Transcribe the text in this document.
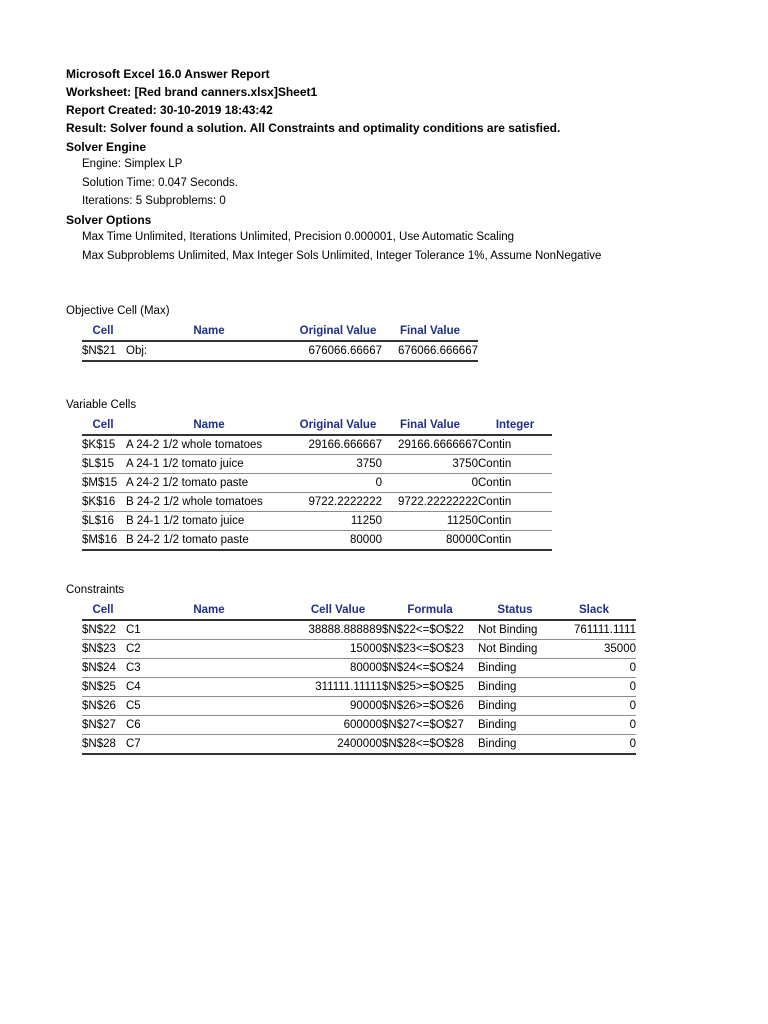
Microsoft Excel 16.0 Answer Report
Worksheet: [Red brand canners.xlsx]Sheet1
Report Created: 30-10-2019 18:43:42
Result: Solver found a solution. All Constraints and optimality conditions are satisfied.
Solver Engine
Engine: Simplex LP
Solution Time: 0.047 Seconds.
Iterations: 5 Subproblems: 0
Solver Options
Max Time Unlimited, Iterations Unlimited, Precision 0.000001, Use Automatic Scaling
Max Subproblems Unlimited, Max Integer Sols Unlimited, Integer Tolerance 1%, Assume NonNegative
Objective Cell (Max)
Cell	Name	Original Value	Final Value
$N$21	Obj:	676066.66667	676066.666667
Variable Cells
Cell	Name	Original Value	Final Value	Integer
$K$15	A 24-2 1/2 whole tomatoes	29166.666667	29166.6666667	Contin
$L$15	A 24-1 1/2 tomato juice	3750	3750	Contin
$M$15	A 24-2 1/2 tomato paste	0	0	Contin
$K$16	B 24-2 1/2 whole tomatoes	9722.2222222	9722.22222222	Contin
$L$16	B 24-1 1/2 tomato juice	11250	11250	Contin
$M$16	B 24-2 1/2 tomato paste	80000	80000	Contin
Constraints
Cell	Name	Cell Value	Formula	Status	Slack
$N$22	C1	38888.888889	$N$22<=$O$22	Not Binding	761111.1111
$N$23	C2	15000	$N$23<=$O$23	Not Binding	35000
$N$24	C3	80000	$N$24<=$O$24	Binding	0
$N$25	C4	311111.11111	$N$25>=$O$25	Binding	0
$N$26	C5	90000	$N$26>=$O$26	Binding	0
$N$27	C6	600000	$N$27<=$O$27	Binding	0
$N$28	C7	2400000	$N$28<=$O$28	Binding	0
